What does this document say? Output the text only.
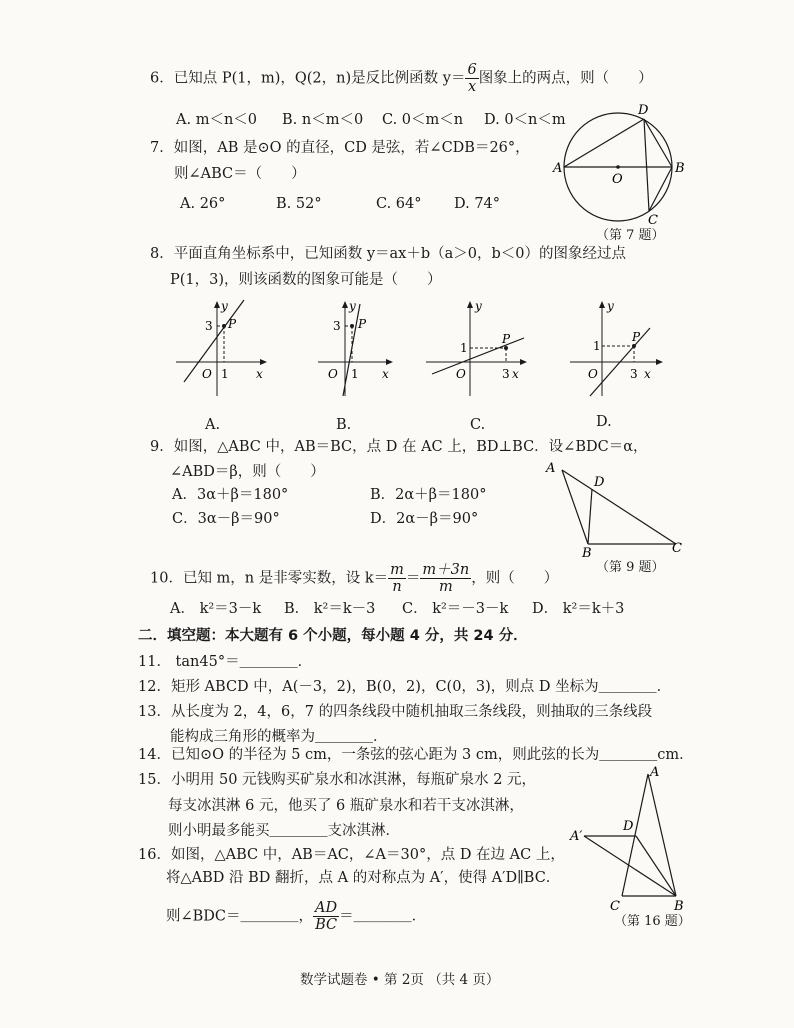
6．已知点 P(1，m)，Q(2，n)是反比例函数 $y= \frac{6}{x}$ 图象上的两点，则（　　）
A. m＜n＜0 B. n＜m＜0 C. 0＜m＜n D. 0＜n＜m
7．如图，AB 是⊙O 的直径，CD 是弦，若∠CDB＝26°，
则∠ABC＝（　　）
A. 26°	B. 52°	C. 64° D. 74°
A	B
C
D
O
（第 7 题）
8．平面直角坐标系中，已知函数 y＝ax＋b（a＞0，b＜0）的图象经过点
P(1，3)，则该函数的图象可能是（　　）
y
x
O
P
3
1
A.
y
x
O
P
3
1
B.
y
x
O
P
1
3
C.
y
x
O
P
1
3
D.
9．如图，△ABC 中，AB＝BC，点 D 在 AC 上，BD⊥BC．设∠BDC＝α，
∠ABD＝β，则（　　）
A．3α＋β＝180°	B．2α＋β＝180°
C．3α－β＝90°	D．2α－β＝90°
A
B	C
D
（第 9 题）
10．已知 m，n 是非零实数，设 $k= \frac{m}{n} = \frac{m+3n}{m}$ ，则（　　）
A． k²＝3－k B． k²＝k－3 C． k²＝－3－k D． k²＝k＋3
二．填空题：本大题有 6 个小题，每小题 4 分，共 24 分．
11． tan45°＝＿＿＿＿．
12．矩形 ABCD 中，A(－3，2)，B(0，2)，C(0，3)，则点 D 坐标为＿＿＿＿．
13．从长度为 2，4，6，7 的四条线段中随机抽取三条线段，则抽取的三条线段
能构成三角形的概率为＿＿＿＿．
14．已知⊙O 的半径为 5 cm，一条弦的弦心距为 3 cm，则此弦的长为＿＿＿＿cm．
15．小明用 50 元钱购买矿泉水和冰淇淋，每瓶矿泉水 2 元，
每支冰淇淋 6 元，他买了 6 瓶矿泉水和若干支冰淇淋，
则小明最多能买＿＿＿＿支冰淇淋．
16．如图，△ABC 中，AB＝AC，∠A＝30°，点 D 在边 AC 上，
将△ABD 沿 BD 翻折，点 A 的对称点为 A′，使得 A′D∥BC．
则∠BDC＝＿＿＿＿， $\frac{AD}{BC}$ ＝＿＿＿＿．
A
A′
D
C	B
（第 16 题）
数学试题卷 • 第 2页 （共 4 页）
